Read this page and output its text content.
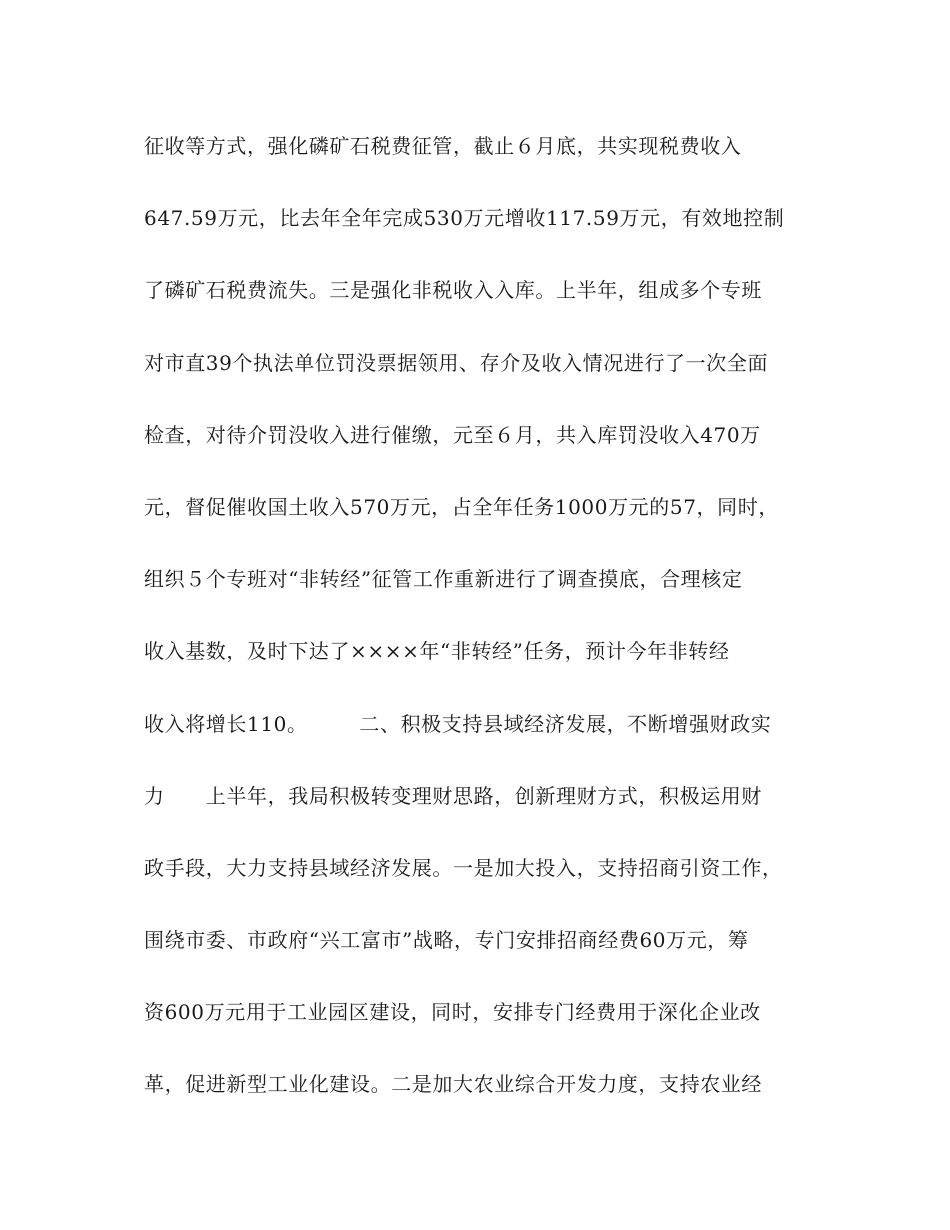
征收等方式，强化磷矿石税费征管，截止６月底，共实现税费收入
647.59万元，比去年全年完成530万元增收117.59万元，有效地控制
了磷矿石税费流失。三是强化非税收入入库。上半年，组成多个专班
对市直39个执法单位罚没票据领用、存介及收入情况进行了一次全面
检查，对待介罚没收入进行催缴，元至６月，共入库罚没收入470万
元，督促催收国土收入570万元，占全年任务1000万元的57，同时，
组织５个专班对“非转经”征管工作重新进行了调查摸底，合理核定
收入基数，及时下达了××××年“非转经”任务，预计今年非转经
收入将增长110。　　　二、积极支持县域经济发展，不断增强财政实
力　　上半年，我局积极转变理财思路，创新理财方式，积极运用财
政手段，大力支持县域经济发展。一是加大投入，支持招商引资工作，
围绕市委、市政府“兴工富市”战略，专门安排招商经费60万元，筹
资600万元用于工业园区建设，同时，安排专门经费用于深化企业改
革，促进新型工业化建设。二是加大农业综合开发力度，支持农业经
